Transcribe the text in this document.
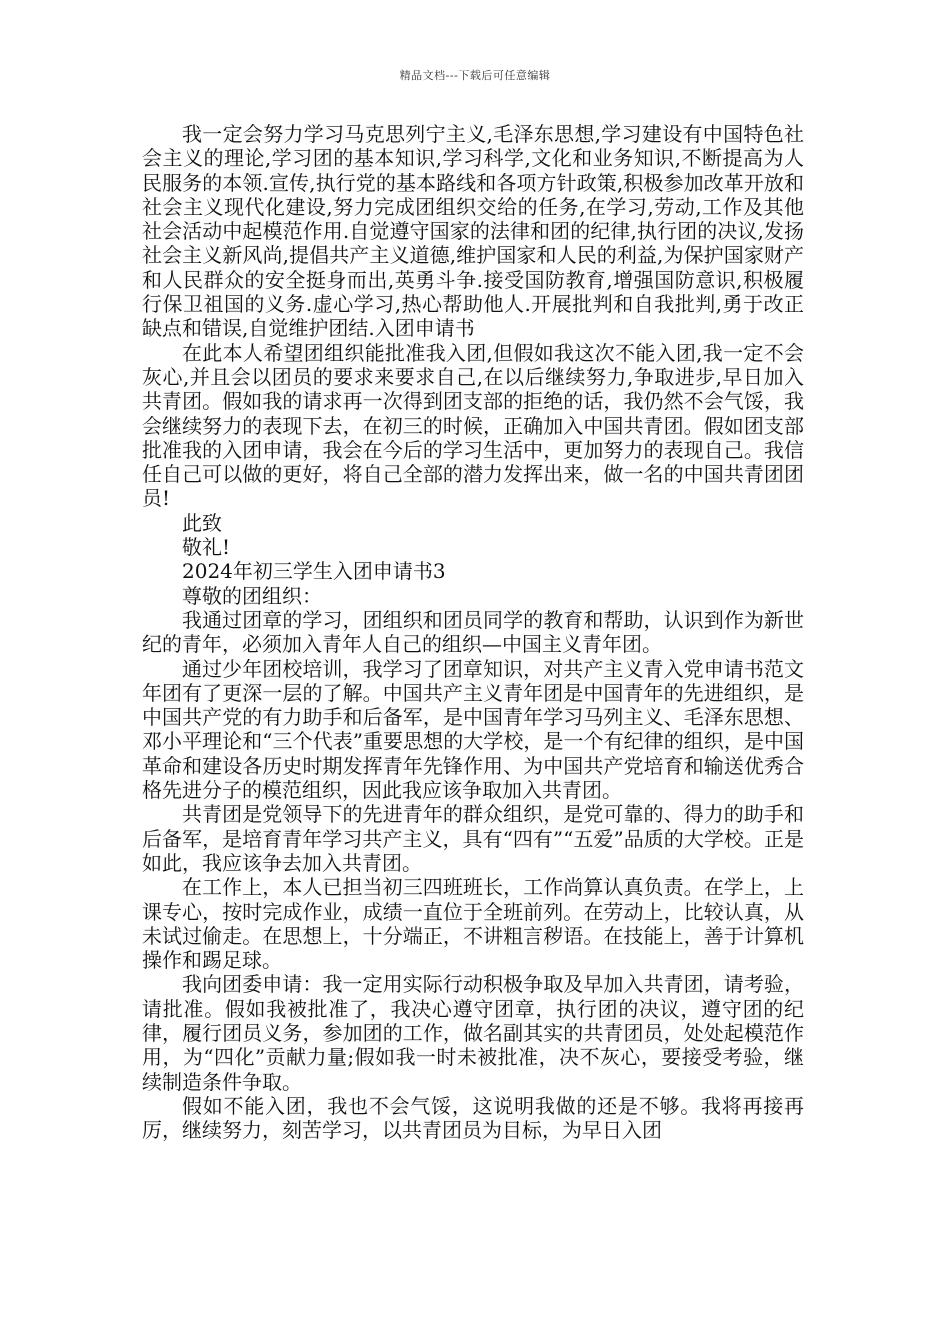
精品文档---下载后可任意编辑

我一定会努力学习马克思列宁主义,毛泽东思想,学习建设有中国特色社会主义的理论,学习团的基本知识,学习科学,文化和业务知识,不断提高为人民服务的本领.宣传,执行党的基本路线和各项方针政策,积极参加改革开放和社会主义现代化建设,努力完成团组织交给的任务,在学习,劳动,工作及其他社会活动中起模范作用.自觉遵守国家的法律和团的纪律,执行团的决议,发扬社会主义新风尚,提倡共产主义道德,维护国家和人民的利益,为保护国家财产和人民群众的安全挺身而出,英勇斗争.接受国防教育,增强国防意识,积极履行保卫祖国的义务.虚心学习,热心帮助他人.开展批判和自我批判,勇于改正缺点和错误,自觉维护团结.入团申请书

在此本人希望团组织能批准我入团,但假如我这次不能入团,我一定不会灰心,并且会以团员的要求来要求自己,在以后继续努力,争取进步,早日加入共青团。假如我的请求再一次得到团支部的拒绝的话，我仍然不会气馁，我会继续努力的表现下去，在初三的时候，正确加入中国共青团。假如团支部批准我的入团申请，我会在今后的学习生活中，更加努力的表现自己。我信任自己可以做的更好，将自己全部的潜力发挥出来，做一名的中国共青团团员!

此致

敬礼!

2024年初三学生入团申请书3

尊敬的团组织：

我通过团章的学习，团组织和团员同学的教育和帮助，认识到作为新世纪的青年，必须加入青年人自己的组织—中国主义青年团。

通过少年团校培训，我学习了团章知识，对共产主义青入党申请书范文年团有了更深一层的了解。中国共产主义青年团是中国青年的先进组织，是中国共产党的有力助手和后备军，是中国青年学习马列主义、毛泽东思想、邓小平理论和“三个代表”重要思想的大学校，是一个有纪律的组织，是中国革命和建设各历史时期发挥青年先锋作用、为中国共产党培育和输送优秀合格先进分子的模范组织，因此我应该争取加入共青团。

共青团是党领导下的先进青年的群众组织，是党可靠的、得力的助手和后备军，是培育青年学习共产主义，具有“四有”“五爱”品质的大学校。正是如此，我应该争去加入共青团。

在工作上，本人已担当初三四班班长，工作尚算认真负责。在学上，上课专心，按时完成作业，成绩一直位于全班前列。在劳动上，比较认真，从未试过偷走。在思想上，十分端正，不讲粗言秽语。在技能上，善于计算机操作和踢足球。

我向团委申请：我一定用实际行动积极争取及早加入共青团，请考验，请批准。假如我被批准了，我决心遵守团章，执行团的决议，遵守团的纪律，履行团员义务，参加团的工作，做名副其实的共青团员，处处起模范作用，为“四化”贡献力量;假如我一时未被批准，决不灰心，要接受考验，继续制造条件争取。

假如不能入团，我也不会气馁，这说明我做的还是不够。我将再接再厉，继续努力，刻苦学习，以共青团员为目标，为早日入团
